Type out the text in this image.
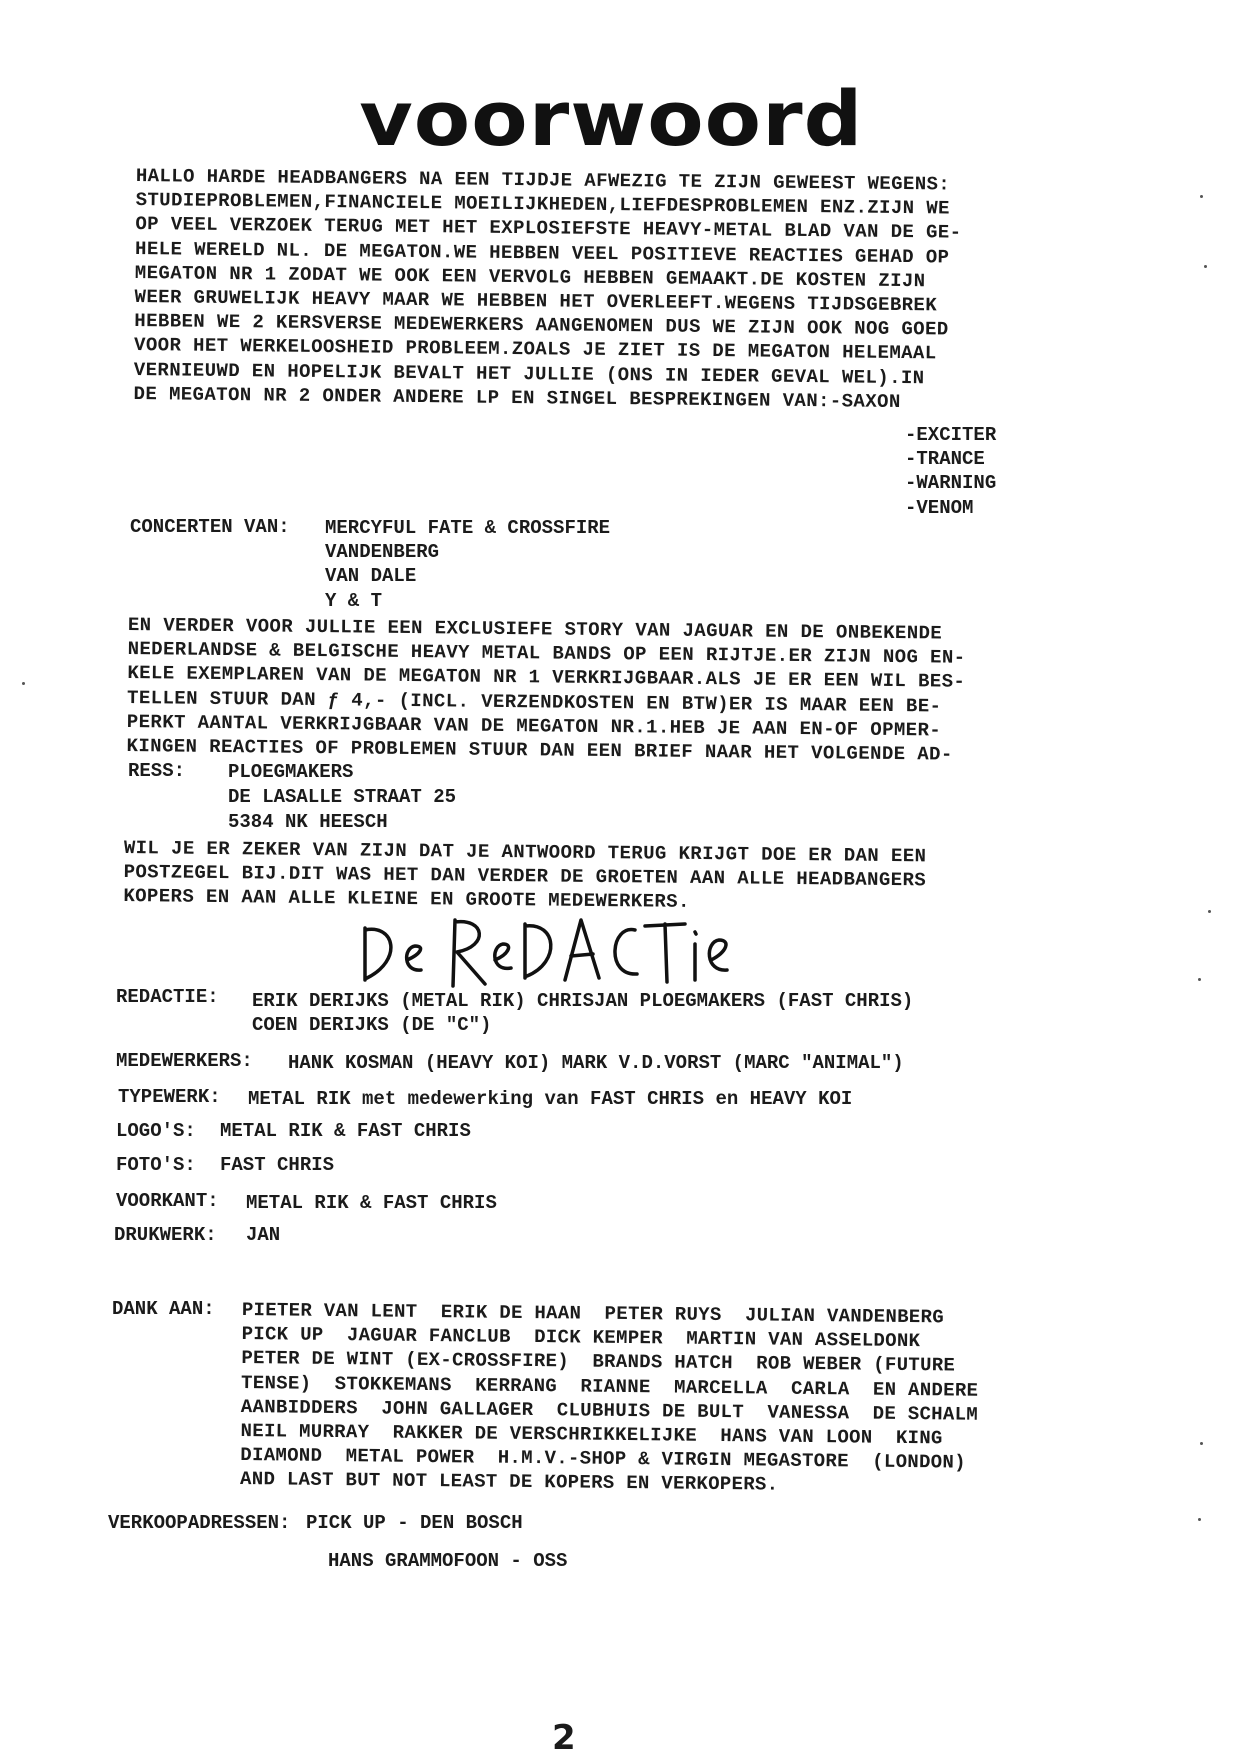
voorwoord
HALLO HARDE HEADBANGERS NA EEN TIJDJE AFWEZIG TE ZIJN GEWEEST WEGENS:
STUDIEPROBLEMEN,FINANCIELE MOEILIJKHEDEN,LIEFDESPROBLEMEN ENZ.ZIJN WE
OP VEEL VERZOEK TERUG MET HET EXPLOSIEFSTE HEAVY-METAL BLAD VAN DE GE-
HELE WERELD NL. DE MEGATON.WE HEBBEN VEEL POSITIEVE REACTIES GEHAD OP
MEGATON NR 1 ZODAT WE OOK EEN VERVOLG HEBBEN GEMAAKT.DE KOSTEN ZIJN
WEER GRUWELIJK HEAVY MAAR WE HEBBEN HET OVERLEEFT.WEGENS TIJDSGEBREK
HEBBEN WE 2 KERSVERSE MEDEWERKERS AANGENOMEN DUS WE ZIJN OOK NOG GOED
VOOR HET WERKELOOSHEID PROBLEEM.ZOALS JE ZIET IS DE MEGATON HELEMAAL
VERNIEUWD EN HOPELIJK BEVALT HET JULLIE (ONS IN IEDER GEVAL WEL).IN
DE MEGATON NR 2 ONDER ANDERE LP EN SINGEL BESPREKINGEN VAN:-SAXON
-EXCITER
-TRANCE
-WARNING
-VENOM
CONCERTEN VAN: MERCYFUL FATE & CROSSFIRE
VANDENBERG
VAN DALE
Y & T
EN VERDER VOOR JULLIE EEN EXCLUSIEFE STORY VAN JAGUAR EN DE ONBEKENDE
NEDERLANDSE & BELGISCHE HEAVY METAL BANDS OP EEN RIJTJE.ER ZIJN NOG EN-
KELE EXEMPLAREN VAN DE MEGATON NR 1 VERKRIJGBAAR.ALS JE ER EEN WIL BES-
TELLEN STUUR DAN ƒ 4,- (INCL. VERZENDKOSTEN EN BTW)ER IS MAAR EEN BE-
PERKT AANTAL VERKRIJGBAAR VAN DE MEGATON NR.1.HEB JE AAN EN-OF OPMER-
KINGEN REACTIES OF PROBLEMEN STUUR DAN EEN BRIEF NAAR HET VOLGENDE AD-
RESS: PLOEGMAKERS
DE LASALLE STRAAT 25
5384 NK HEESCH
WIL JE ER ZEKER VAN ZIJN DAT JE ANTWOORD TERUG KRIJGT DOE ER DAN EEN
POSTZEGEL BIJ.DIT WAS HET DAN VERDER DE GROETEN AAN ALLE HEADBANGERS
KOPERS EN AAN ALLE KLEINE EN GROOTE MEDEWERKERS.
REDACTIE: ERIK DERIJKS (METAL RIK) CHRISJAN PLOEGMAKERS (FAST CHRIS)
COEN DERIJKS (DE "C")
MEDEWERKERS: HANK KOSMAN (HEAVY KOI) MARK V.D.VORST (MARC "ANIMAL")
TYPEWERK: METAL RIK met medewerking van FAST CHRIS en HEAVY KOI
LOGO'S: METAL RIK & FAST CHRIS
FOTO'S: FAST CHRIS
VOORKANT: METAL RIK & FAST CHRIS
DRUKWERK: JAN
DANK AAN: PIETER VAN LENT  ERIK DE HAAN  PETER RUYS  JULIAN VANDENBERG
PICK UP  JAGUAR FANCLUB  DICK KEMPER  MARTIN VAN ASSELDONK
PETER DE WINT (EX-CROSSFIRE)  BRANDS HATCH  ROB WEBER (FUTURE
TENSE)  STOKKEMANS  KERRANG  RIANNE  MARCELLA  CARLA  EN ANDERE
AANBIDDERS  JOHN GALLAGER  CLUBHUIS DE BULT  VANESSA  DE SCHALM
NEIL MURRAY  RAKKER DE VERSCHRIKKELIJKE  HANS VAN LOON  KING
DIAMOND  METAL POWER  H.M.V.-SHOP & VIRGIN MEGASTORE  (LONDON)
AND LAST BUT NOT LEAST DE KOPERS EN VERKOPERS.
VERKOOPADRESSEN: PICK UP - DEN BOSCH
HANS GRAMMOFOON - OSS
2
